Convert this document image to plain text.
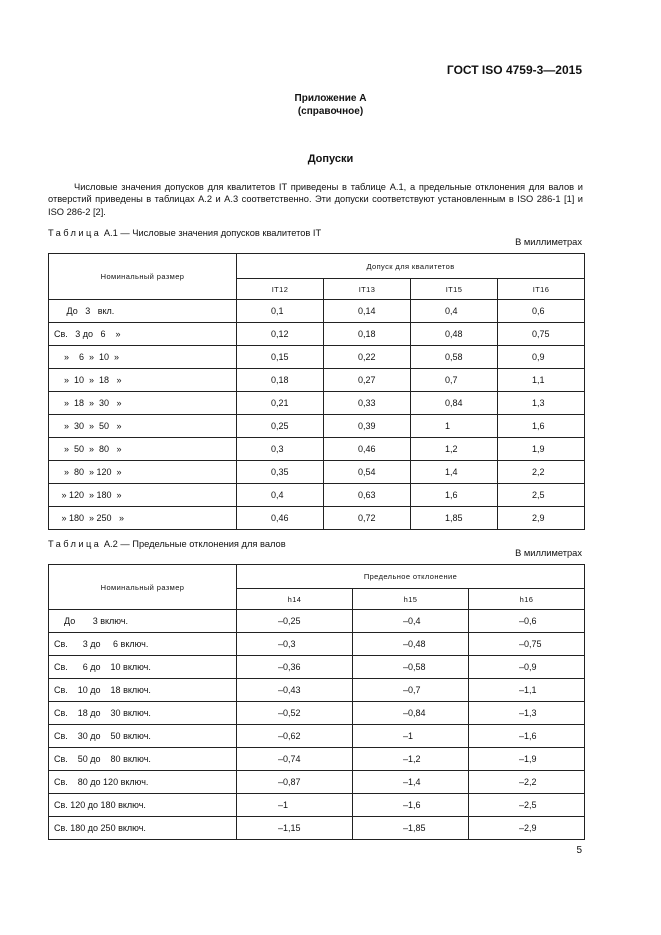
ГОСТ ISO 4759-3—2015
Приложение А
(справочное)
Допуски
Числовые значения допусков для квалитетов IT приведены в таблице А.1, а предельные отклонения для валов и отверстий приведены в таблицах А.2 и А.3 соответственно. Эти допуски соответствуют установленным в ISO 286-1 [1] и ISO 286-2 [2].
Таблица А.1 — Числовые значения допусков квалитетов IT
В миллиметрах
Номинальный размер	Допуск для квалитетов			
	IT12	IT13	IT15	IT16
До   3   вкл.	0,1	0,14	0,4	0,6
Св.   3 до   6    »	0,12	0,18	0,48	0,75
»    6  »  10  »	0,15	0,22	0,58	0,9
»  10  »  18   »	0,18	0,27	0,7	1,1
»  18  »  30   »	0,21	0,33	0,84	1,3
»  30  »  50   »	0,25	0,39	1	1,6
»  50  »  80   »	0,3	0,46	1,2	1,9
»  80  » 120  »	0,35	0,54	1,4	2,2
» 120  » 180  »	0,4	0,63	1,6	2,5
» 180  » 250   »	0,46	0,72	1,85	2,9
Таблица А.2 — Предельные отклонения для валов
В миллиметрах
Номинальный размер	Предельное отклонение		
	h14	h15	h16
До       3 включ.	–0,25	–0,4	–0,6
Св.      3 до     6 включ.	–0,3	–0,48	–0,75
Св.      6 до    10 включ.	–0,36	–0,58	–0,9
Св.    10 до    18 включ.	–0,43	–0,7	–1,1
Св.    18 до    30 включ.	–0,52	–0,84	–1,3
Св.    30 до    50 включ.	–0,62	–1	–1,6
Св.    50 до    80 включ.	–0,74	–1,2	–1,9
Св.    80 до 120 включ.	–0,87	–1,4	–2,2
Св. 120 до 180 включ.	–1	–1,6	–2,5
Св. 180 до 250 включ.	–1,15	–1,85	–2,9
5
